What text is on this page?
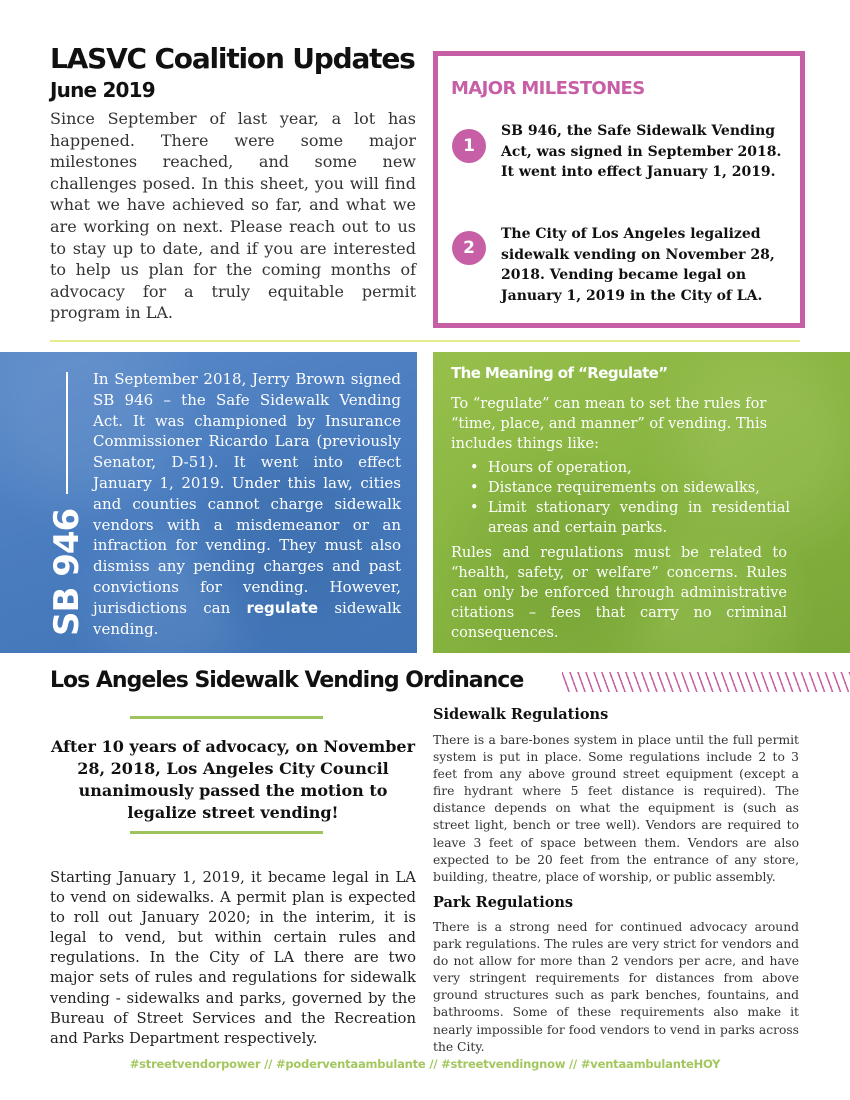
LASVC Coalition Updates
June 2019

Since September of last year, a lot has happened. There were some major milestones reached, and some new challenges posed. In this sheet, you will find what we have achieved so far, and what we are working on next. Please reach out to us to stay up to date, and if you are interested to help us plan for the coming months of advocacy for a truly equitable permit program in LA.

MAJOR MILESTONES
1

SB 946, the Safe Sidewalk Vending Act, was signed in September 2018. It went into effect January 1, 2019.

2

The City of Los Angeles legalized sidewalk vending on November 28, 2018. Vending became legal on January 1, 2019 in the City of LA.

SB 946

In September 2018, Jerry Brown signed SB 946 – the Safe Sidewalk Vending Act. It was championed by Insurance Commissioner Ricardo Lara (previously Senator, D-51). It went into effect January 1, 2019. Under this law, cities and counties cannot charge sidewalk vendors with a misdemeanor or an infraction for vending. They must also dismiss any pending charges and past convictions for vending. However, jurisdictions can regulate sidewalk vending.

The Meaning of “Regulate”

To “regulate” can mean to set the rules for “time, place, and manner” of vending. This includes things like:

• Hours of operation,
• Distance requirements on sidewalks,
• Limit stationary vending in residential areas and certain parks.

Rules and regulations must be related to “health, safety, or welfare” concerns. Rules can only be enforced through administrative citations – fees that carry no criminal consequences.

Los Angeles Sidewalk Vending Ordinance

After 10 years of advocacy, on November 28, 2018, Los Angeles City Council unanimously passed the motion to legalize street vending!

Starting January 1, 2019, it became legal in LA to vend on sidewalks. A permit plan is expected to roll out January 2020; in the interim, it is legal to vend, but within certain rules and regulations. In the City of LA there are two major sets of rules and regulations for sidewalk vending - sidewalks and parks, governed by the Bureau of Street Services and the Recreation and Parks Department respectively.

Sidewalk Regulations

There is a bare-bones system in place until the full permit system is put in place. Some regulations include 2 to 3 feet from any above ground street equipment (except a fire hydrant where 5 feet distance is required). The distance depends on what the equipment is (such as street light, bench or tree well). Vendors are required to leave 3 feet of space between them. Vendors are also expected to be 20 feet from the entrance of any store, building, theatre, place of worship, or public assembly.

Park Regulations

There is a strong need for continued advocacy around park regulations. The rules are very strict for vendors and do not allow for more than 2 vendors per acre, and have very stringent requirements for distances from above ground structures such as park benches, fountains, and bathrooms. Some of these requirements also make it nearly impossible for food vendors to vend in parks across the City.

#streetvendorpower // #poderventaambulante // #streetvendingnow // #ventaambulanteHOY
